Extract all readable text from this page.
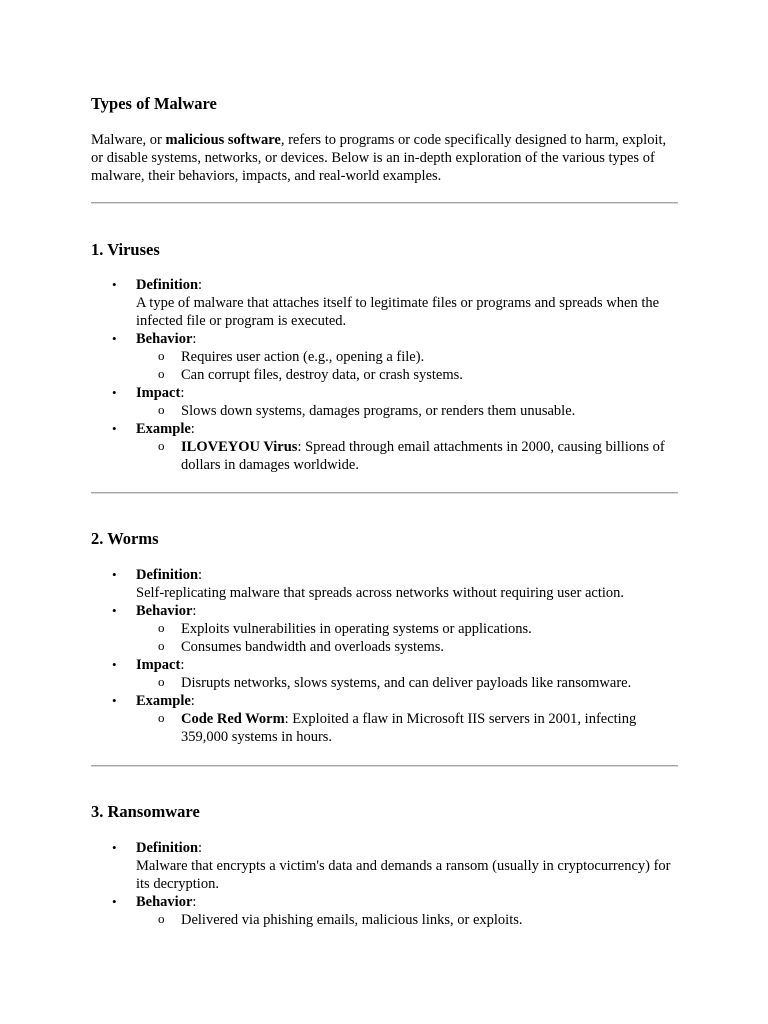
Types of Malware

Malware, or malicious software, refers to programs or code specifically designed to harm, exploit, or disable systems, networks, or devices. Below is an in-depth exploration of the various types of malware, their behaviors, impacts, and real-world examples.

1. Viruses
• Definition:
A type of malware that attaches itself to legitimate files or programs and spreads when the infected file or program is executed.
• Behavior:
o Requires user action (e.g., opening a file).
o Can corrupt files, destroy data, or crash systems.
• Impact:
o Slows down systems, damages programs, or renders them unusable.
• Example:
o ILOVEYOU Virus: Spread through email attachments in 2000, causing billions of dollars in damages worldwide.
2. Worms
• Definition:
Self-replicating malware that spreads across networks without requiring user action.
• Behavior:
o Exploits vulnerabilities in operating systems or applications.
o Consumes bandwidth and overloads systems.
• Impact:
o Disrupts networks, slows systems, and can deliver payloads like ransomware.
• Example:
o Code Red Worm: Exploited a flaw in Microsoft IIS servers in 2001, infecting 359,000 systems in hours.
3. Ransomware
• Definition:
Malware that encrypts a victim's data and demands a ransom (usually in cryptocurrency) for its decryption.
• Behavior:
o Delivered via phishing emails, malicious links, or exploits.
